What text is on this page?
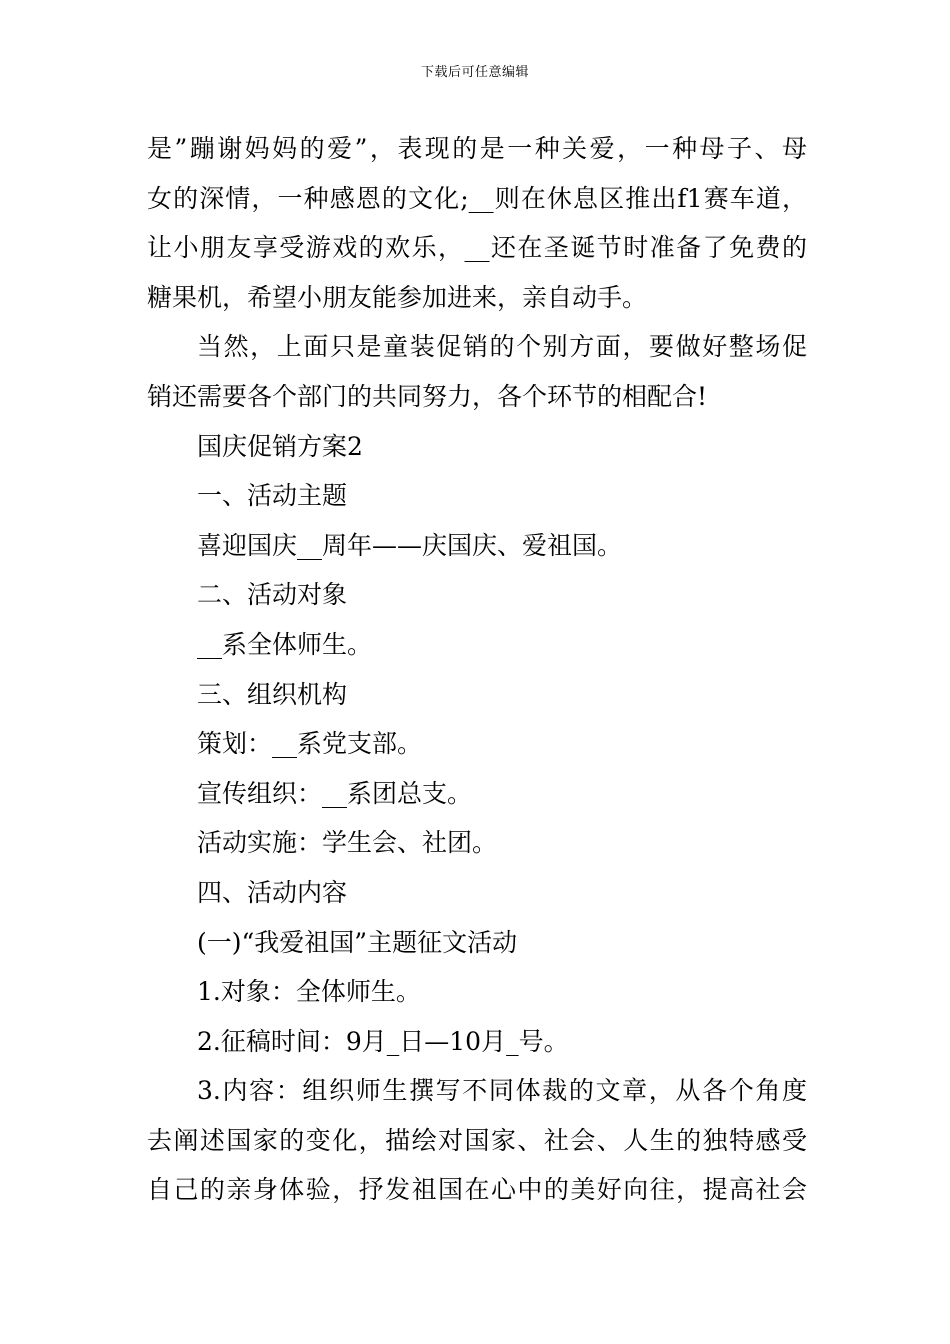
下载后可任意编辑

是”蹦谢妈妈的爱”，表现的是一种关爱，一种母子、母
女的深情，一种感恩的文化;__则在休息区推出f1赛车道，
让小朋友享受游戏的欢乐，__还在圣诞节时准备了免费的
糖果机，希望小朋友能参加进来，亲自动手。

当然，上面只是童装促销的个别方面，要做好整场促
销还需要各个部门的共同努力，各个环节的相配合!

国庆促销方案2
一、活动主题
喜迎国庆__周年——庆国庆、爱祖国。
二、活动对象
__系全体师生。
三、组织机构
策划：__系党支部。
宣传组织：__系团总支。
活动实施：学生会、社团。
四、活动内容
(一)“我爱祖国”主题征文活动
1.对象：全体师生。
2.征稿时间：9月_日—10月_号。

3.内容：组织师生撰写不同体裁的文章，从各个角度
去阐述国家的变化，描绘对国家、社会、人生的独特感受
自己的亲身体验，抒发祖国在心中的美好向往，提高社会
